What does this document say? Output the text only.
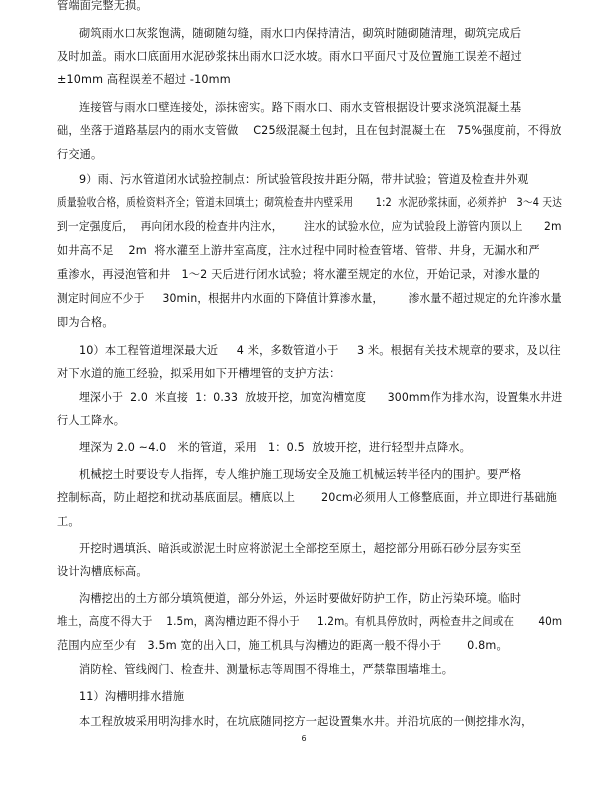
管端面完整无损。
砌筑雨水口灰浆饱满，随砌随勾缝，雨水口内保持清洁，砌筑时随砌随清理，砌筑完成后
及时加盖。雨水口底面用水泥砂浆抹出雨水口泛水坡。雨水口平面尺寸及位置施工误差不超过
±10mm 高程误差不超过 -10mm
连接管与雨水口壁连接处，添抹密实。路下雨水口、雨水支管根据设计要求浇筑混凝土基
础，坐落于道路基层内的雨水支管做    C25级混凝土包封，且在包封混凝土在   75%强度前，不得放
行交通。
9）雨、污水管道闭水试验控制点：所试验管段按井距分隔，带井试验；管道及检查井外观
质量验收合格，质检资料齐全；管道未回填土；砌筑检查井内壁采用       1:2  水泥砂浆抹面，必须养护   3～4 天达
到一定强度后，  再向闭水段的检查井内注水，      注水的试验水位，应为试验段上游管内顶以上      2m
如井高不足    2m  将水灌至上游井室高度，注水过程中同时检查管堵、管带、井身，无漏水和严
重渗水，再浸泡管和井   1～2 天后进行闭水试验；将水灌至规定的水位，开始记录，对渗水量的
测定时间应不少于     30min，根据井内水面的下降值计算渗水量，       渗水量不超过规定的允许渗水量
即为合格。
10）本工程管道埋深最大近     4 米，多数管道小于     3 米。根据有关技术规章的要求，及以往
对下水道的施工经验，拟采用如下开槽埋管的支护方法：
埋深小于  2.0  米直接  1：0.33  放坡开挖，加宽沟槽宽度      300mm作为排水沟，设置集水井进
行人工降水。
埋深为 2.0 ~4.0   米的管道，采用   1：0.5  放坡开挖，进行轻型井点降水。
机械挖土时要设专人指挥，专人维护施工现场安全及施工机械运转半径内的围护。要严格
控制标高，防止超挖和扰动基底面层。槽底以上       20cm必须用人工修整底面，并立即进行基础施
工。
开挖时遇填浜、暗浜或淤泥土时应将淤泥土全部挖至原土，超挖部分用砾石砂分层夯实至
设计沟槽底标高。
沟槽挖出的土方部分填筑便道，部分外运，外运时要做好防护工作，防止污染环境。临时
堆土，高度不得大于    1.5m，离沟槽边距不得小于     1.2m。有机具停放时，两检查井之间或在       40m
范围内应至少有   3.5m 宽的出入口，施工机具与沟槽边的距离一般不得小于       0.8m。
消防栓、管线阀门、检查井、测量标志等周围不得堆土，严禁靠围墙堆土。
11）沟槽明排水措施
本工程放坡采用明沟排水时，在坑底随同挖方一起设置集水井。并沿坑底的一侧挖排水沟，
6
